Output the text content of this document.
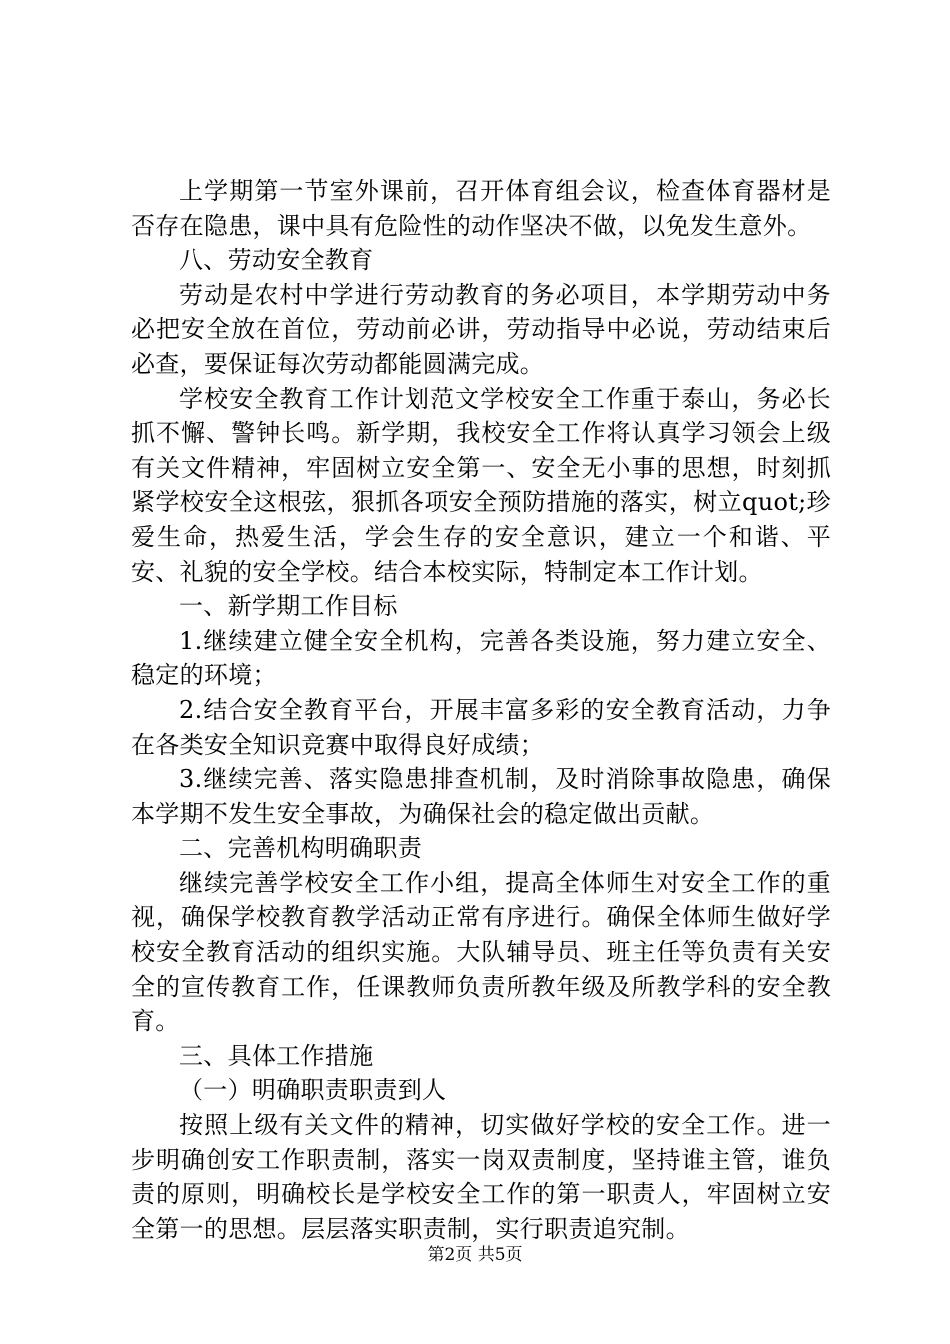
上学期第一节室外课前，召开体育组会议，检查体育器材是否存在隐患，课中具有危险性的动作坚决不做，以免发生意外。

八、劳动安全教育

劳动是农村中学进行劳动教育的务必项目，本学期劳动中务必把安全放在首位，劳动前必讲，劳动指导中必说，劳动结束后必查，要保证每次劳动都能圆满完成。

学校安全教育工作计划范文学校安全工作重于泰山，务必长抓不懈、警钟长鸣。新学期，我校安全工作将认真学习领会上级有关文件精神，牢固树立安全第一、安全无小事的思想，时刻抓紧学校安全这根弦，狠抓各项安全预防措施的落实，树立quot;珍爱生命，热爱生活，学会生存的安全意识，建立一个和谐、平安、礼貌的安全学校。结合本校实际，特制定本工作计划。

一、新学期工作目标

1.继续建立健全安全机构，完善各类设施，努力建立安全、稳定的环境；

2.结合安全教育平台，开展丰富多彩的安全教育活动，力争在各类安全知识竞赛中取得良好成绩；

3.继续完善、落实隐患排查机制，及时消除事故隐患，确保本学期不发生安全事故，为确保社会的稳定做出贡献。

二、完善机构明确职责

继续完善学校安全工作小组，提高全体师生对安全工作的重视，确保学校教育教学活动正常有序进行。确保全体师生做好学校安全教育活动的组织实施。大队辅导员、班主任等负责有关安全的宣传教育工作，任课教师负责所教年级及所教学科的安全教育。

三、具体工作措施

（一）明确职责职责到人

按照上级有关文件的精神，切实做好学校的安全工作。进一步明确创安工作职责制，落实一岗双责制度，坚持谁主管，谁负责的原则，明确校长是学校安全工作的第一职责人，牢固树立安全第一的思想。层层落实职责制，实行职责追究制。

第2页 共5页
